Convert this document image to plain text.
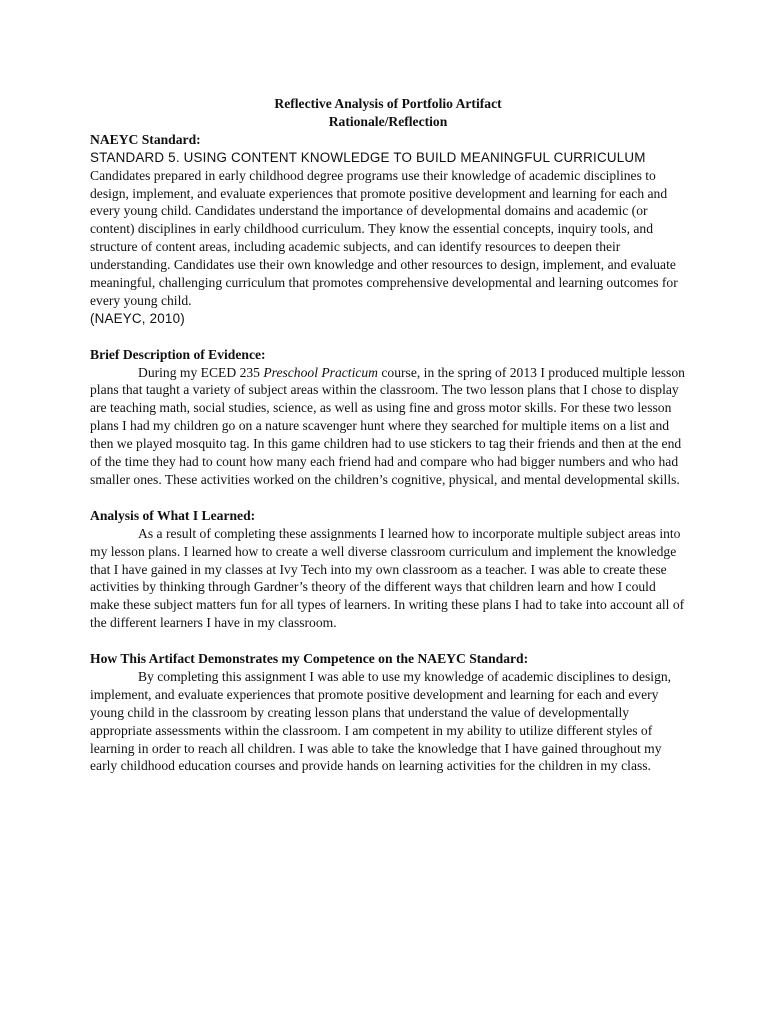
Reflective Analysis of Portfolio Artifact
Rationale/Reflection

NAEYC Standard:

STANDARD 5. USING CONTENT KNOWLEDGE TO BUILD MEANINGFUL CURRICULUM

Candidates prepared in early childhood degree programs use their knowledge of academic disciplines to design, implement, and evaluate experiences that promote positive development and learning for each and every young child. Candidates understand the importance of developmental domains and academic (or content) disciplines in early childhood curriculum. They know the essential concepts, inquiry tools, and structure of content areas, including academic subjects, and can identify resources to deepen their understanding. Candidates use their own knowledge and other resources to design, implement, and evaluate meaningful, challenging curriculum that promotes comprehensive developmental and learning outcomes for every young child.

(NAEYC, 2010)

Brief Description of Evidence:

During my ECED 235 Preschool Practicum course, in the spring of 2013 I produced multiple lesson plans that taught a variety of subject areas within the classroom. The two lesson plans that I chose to display are teaching math, social studies, science, as well as using fine and gross motor skills. For these two lesson plans I had my children go on a nature scavenger hunt where they searched for multiple items on a list and then we played mosquito tag. In this game children had to use stickers to tag their friends and then at the end of the time they had to count how many each friend had and compare who had bigger numbers and who had smaller ones. These activities worked on the children’s cognitive, physical, and mental developmental skills.

Analysis of What I Learned:

As a result of completing these assignments I learned how to incorporate multiple subject areas into my lesson plans. I learned how to create a well diverse classroom curriculum and implement the knowledge that I have gained in my classes at Ivy Tech into my own classroom as a teacher. I was able to create these activities by thinking through Gardner’s theory of the different ways that children learn and how I could make these subject matters fun for all types of learners. In writing these plans I had to take into account all of the different learners I have in my classroom.

How This Artifact Demonstrates my Competence on the NAEYC Standard:

By completing this assignment I was able to use my knowledge of academic disciplines to design, implement, and evaluate experiences that promote positive development and learning for each and every young child in the classroom by creating lesson plans that understand the value of developmentally appropriate assessments within the classroom. I am competent in my ability to utilize different styles of learning in order to reach all children. I was able to take the knowledge that I have gained throughout my early childhood education courses and provide hands on learning activities for the children in my class.
